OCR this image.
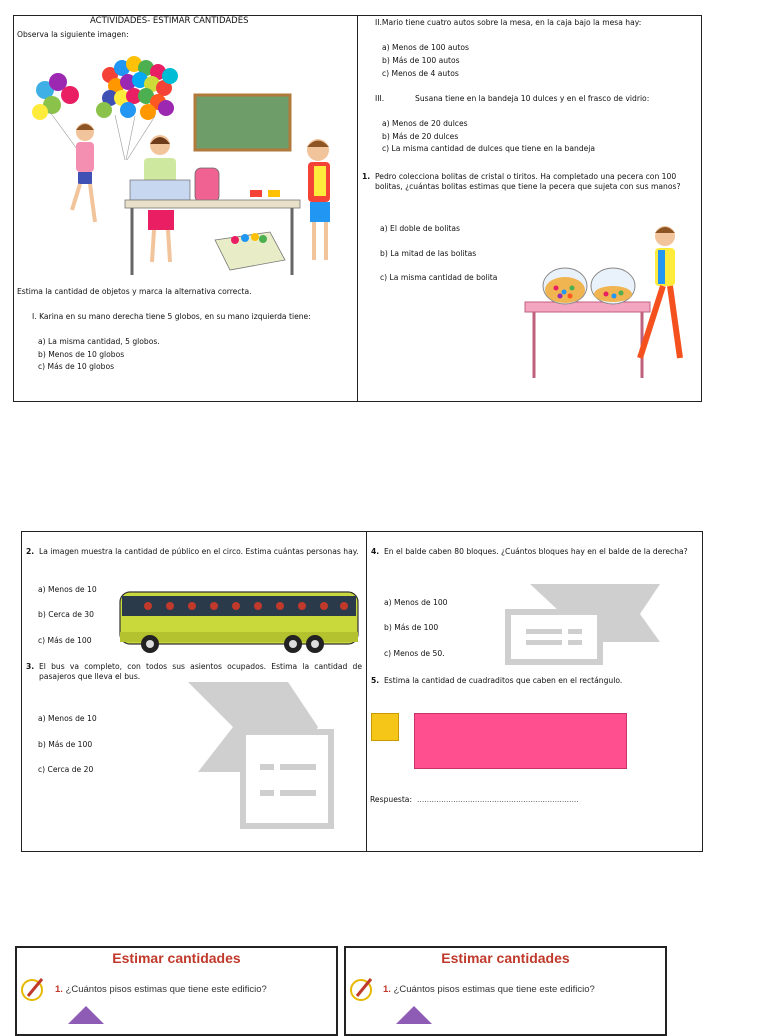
ACTIVIDADES- ESTIMAR CANTIDADES
Observa la siguiente imagen:
Estima la cantidad de objetos y marca la alternativa correcta.
I. Karina en su mano derecha tiene 5 globos, en su mano izquierda tiene:
a) La misma cantidad, 5 globos.
b) Menos de 10 globos
c) Más de 10 globos
II.Mario tiene cuatro autos sobre la mesa, en la caja bajo la mesa hay:
a) Menos de 100 autos
b) Más de 100 autos
c) Menos de 4 autos
III.	Susana tiene en la bandeja 10 dulces y en el frasco de vidrio:
a) Menos de 20 dulces
b) Más de 20 dulces
c) La misma cantidad de dulces que tiene en la bandeja
1. Pedro colecciona bolitas de cristal o tiritos. Ha completado una pecera con 100 bolitas, ¿cuántas bolitas estimas que tiene la pecera que sujeta con sus manos?
a) El doble de bolitas
b) La mitad de las bolitas
c) La misma cantidad de bolita
2. La imagen muestra la cantidad de público en el circo. Estima cuántas personas hay.
a) Menos de 10
b) Cerca de 30
c) Más de 100
3. El bus va completo, con todos sus asientos ocupados. Estima la cantidad de pasajeros que lleva el bus.
a) Menos de 10
b) Más de 100
c) Cerca de 20
4. En el balde caben 80 bloques. ¿Cuántos bloques hay en el balde de la derecha?
a) Menos de 100
b) Más de 100
c) Menos de 50.
5. Estima la cantidad de cuadraditos que caben en el rectángulo.
Respuesta: ...................................................................
Estimar cantidades	Estimar cantidades
1. ¿Cuántos pisos estimas que tiene este edificio?	1. ¿Cuántos pisos estimas que tiene este edificio?
